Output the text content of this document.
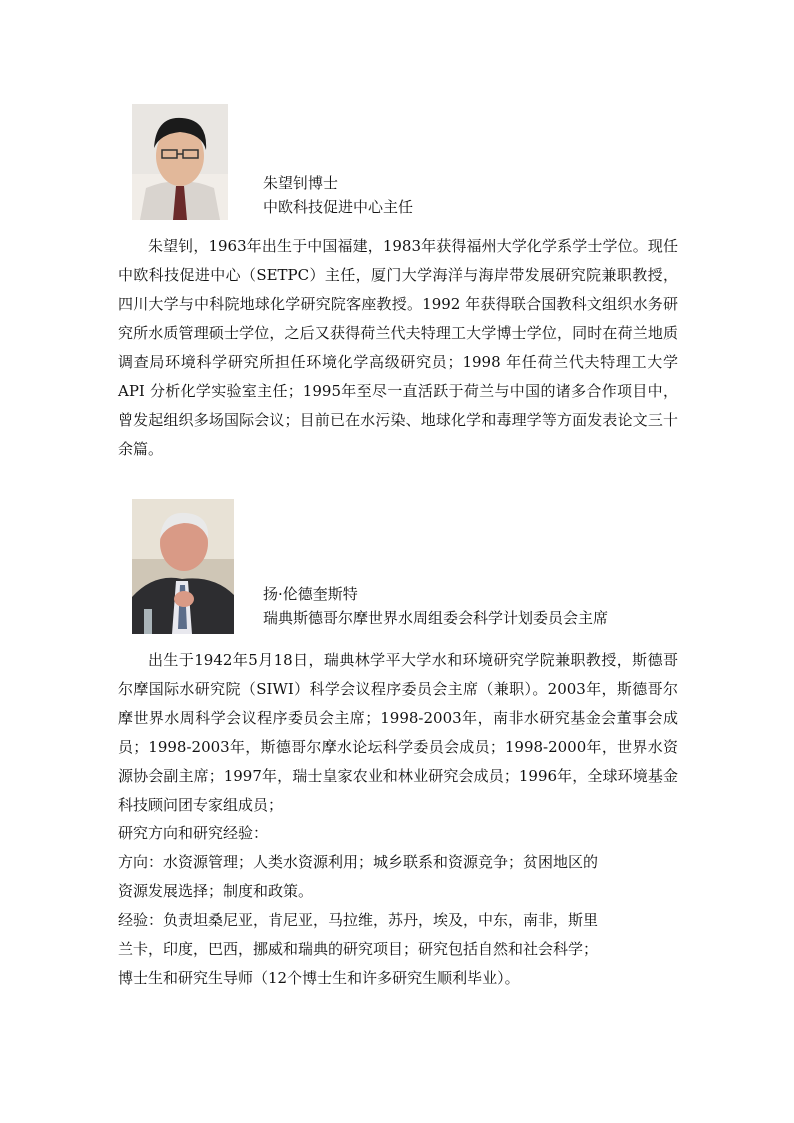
朱望钊博士
中欧科技促进中心主任

朱望钊，1963年出生于中国福建，1983年获得福州大学化学系学士学位。现任中欧科技促进中心（SETPC）主任，厦门大学海洋与海岸带发展研究院兼职教授，四川大学与中科院地球化学研究院客座教授。1992 年获得联合国教科文组织水务研究所水质管理硕士学位，之后又获得荷兰代夫特理工大学博士学位，同时在荷兰地质调查局环境科学研究所担任环境化学高级研究员；1998 年任荷兰代夫特理工大学 API 分析化学实验室主任；1995年至尽一直活跃于荷兰与中国的诸多合作项目中，曾发起组织多场国际会议；目前已在水污染、地球化学和毒理学等方面发表论文三十余篇。

扬·伦德奎斯特
瑞典斯德哥尔摩世界水周组委会科学计划委员会主席

出生于1942年5月18日，瑞典林学平大学水和环境研究学院兼职教授，斯德哥尔摩国际水研究院（SIWI）科学会议程序委员会主席（兼职）。2003年，斯德哥尔摩世界水周科学会议程序委员会主席；1998-2003年，南非水研究基金会董事会成员；1998-2003年，斯德哥尔摩水论坛科学委员会成员；1998-2000年，世界水资源协会副主席；1997年，瑞士皇家农业和林业研究会成员；1996年，全球环境基金科技顾问团专家组成员；

研究方向和研究经验：
方向：水资源管理；人类水资源利用；城乡联系和资源竞争；贫困地区的
资源发展选择；制度和政策。
经验：负责坦桑尼亚，肯尼亚，马拉维，苏丹，埃及，中东，南非，斯里
兰卡，印度，巴西，挪威和瑞典的研究项目；研究包括自然和社会科学；
博士生和研究生导师（12个博士生和许多研究生顺利毕业）。
